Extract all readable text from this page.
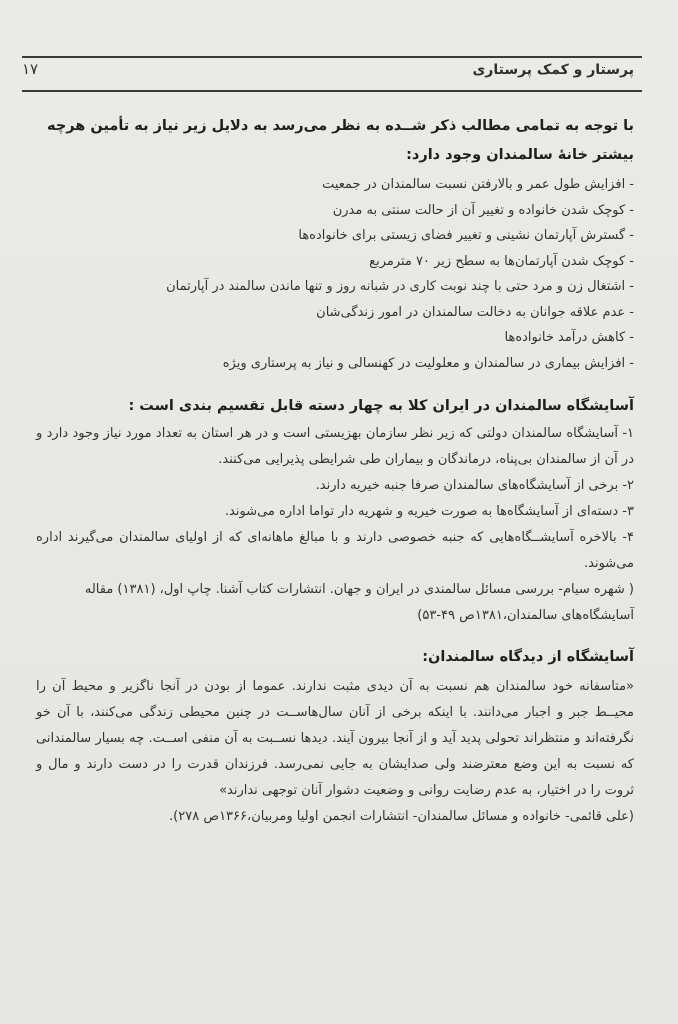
پرستار و کمک پرستاری
۱۷
با توجه به تمامی مطالب ذکر شــده به نظر می‌رسد به دلایل زیر نیاز به تأمین هرچه بیشتر خانهٔ سالمندان وجود دارد:
- افزایش طول عمر و بالارفتن نسبت سالمندان در جمعیت
- کوچک شدن خانواده و تغییر آن از حالت سنتی به مدرن
- گسترش آپارتمان نشینی و تغییر فضای زیستی برای خانواده‌ها
- کوچک شدن آپارتمان‌ها به سطح زیر ۷۰ مترمربع
- اشتغال زن و مرد حتی با چند نوبت کاری در شبانه روز و تنها ماندن سالمند در آپارتمان
- عدم علاقه جوانان به دخالت سالمندان در امور زندگی‌شان
- کاهش درآمد خانواده‌ها
- افزایش بیماری در سالمندان و معلولیت در کهنسالی و نیاز به پرستاری ویژه
آسایشگاه سالمندان در ایران کلا به چهار دسته قابل تقسیم بندی است :

۱- آسایشگاه سالمندان دولتی که زیر نظر سازمان بهزیستی است و در هر استان به تعداد مورد نیاز وجود دارد و در آن از سالمندان بی‌پناه، درماندگان و بیماران طی شرایطی پذیرایی می‌کنند.

۲- برخی از آسایشگاه‌های سالمندان صرفا جنبه خیریه دارند.

۳- دسته‌ای از آسایشگاه‌ها به صورت خیریه و شهریه دار تواما اداره می‌شوند.

۴- بالاخره آسایشــگاه‌هایی که جنبه خصوصی دارند و با مبالغ ماهانه‌ای که از اولیای سالمندان می‌گیرند اداره می‌شوند.

( شهره سیام- بررسی مسائل سالمندی در ایران و جهان. انتشارات کتاب آشنا. چاپ اول، (۱۳۸۱) مقاله آسایشگاه‌های سالمندان،۱۳۸۱ص ۴۹-۵۳)

آسایشگاه از دیدگاه سالمندان:

«متاسفانه خود سالمندان هم نسبت به آن دیدی مثبت ندارند. عموما از بودن در آنجا ناگزیر و محیط آن را محیــط جبر و اجبار می‌دانند. با اینکه برخی از آنان سال‌هاســت در چنین محیطی زندگی می‌کنند، با آن خو نگرفته‌اند و منتظراند تحولی پدید آید و از آنجا بیرون آیند. دیدها نســبت به آن منفی اســت. چه بسیار سالمندانی که نسبت به این وضع معترضند ولی صدایشان به جایی نمی‌رسد. فرزندان قدرت را در دست دارند و مال و ثروت را در اختیار، به عدم رضایت روانی و وضعیت دشوار آنان توجهی ندارند»
(علی قائمی- خانواده و مسائل سالمندان- انتشارات انجمن اولیا ومربیان،۱۳۶۶ص ۲۷۸).
